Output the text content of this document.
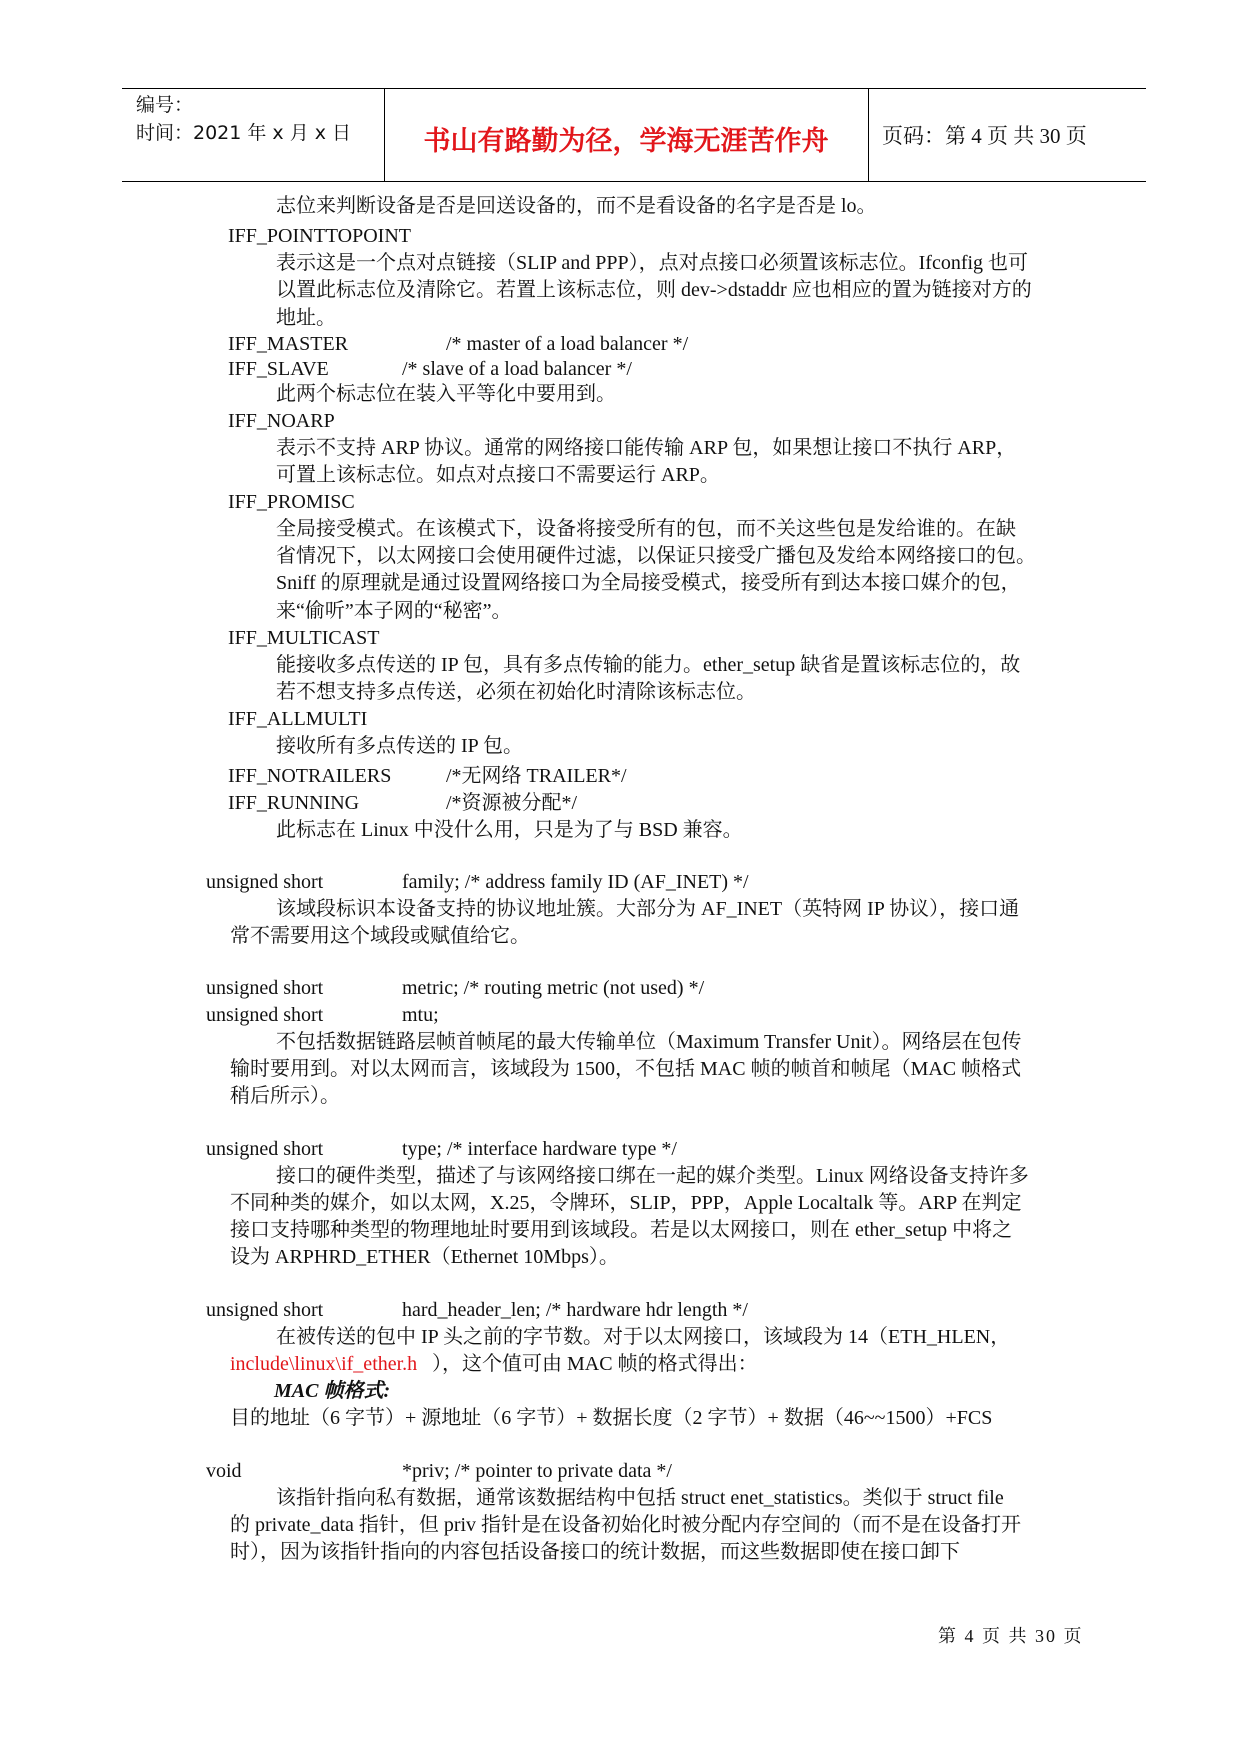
编号：
时间：2021 年 x 月 x 日	书山有路勤为径，学海无涯苦作舟	页码：第 4 页 共 30 页
志位来判断设备是否是回送设备的，而不是看设备的名字是否是 lo。
IFF_POINTTOPOINT
表示这是一个点对点链接（SLIP and PPP），点对点接口必须置该标志位。Ifconfig 也可
以置此标志位及清除它。若置上该标志位，则 dev->dstaddr 应也相应的置为链接对方的
地址。
IFF_MASTER	/* master of a load balancer */
IFF_SLAVE	/* slave of a load balancer */
此两个标志位在装入平等化中要用到。
IFF_NOARP
表示不支持 ARP 协议。通常的网络接口能传输 ARP 包，如果想让接口不执行 ARP，
可置上该标志位。如点对点接口不需要运行 ARP。
IFF_PROMISC
全局接受模式。在该模式下，设备将接受所有的包，而不关这些包是发给谁的。在缺
省情况下，以太网接口会使用硬件过滤，以保证只接受广播包及发给本网络接口的包。
Sniff 的原理就是通过设置网络接口为全局接受模式，接受所有到达本接口媒介的包，
来“偷听”本子网的“秘密”。
IFF_MULTICAST
能接收多点传送的 IP 包，具有多点传输的能力。ether_setup 缺省是置该标志位的，故
若不想支持多点传送，必须在初始化时清除该标志位。
IFF_ALLMULTI
接收所有多点传送的 IP 包。
IFF_NOTRAILERS	/*无网络 TRAILER*/
IFF_RUNNING	/*资源被分配*/
此标志在 Linux 中没什么用，只是为了与 BSD 兼容。
unsigned short	family; /* address family ID (AF_INET) */
该域段标识本设备支持的协议地址簇。大部分为 AF_INET（英特网 IP 协议），接口通
常不需要用这个域段或赋值给它。
unsigned short	metric; /* routing metric (not used) */
unsigned short	mtu;
不包括数据链路层帧首帧尾的最大传输单位（Maximum Transfer Unit）。网络层在包传
输时要用到。对以太网而言，该域段为 1500，不包括 MAC 帧的帧首和帧尾（MAC 帧格式
稍后所示）。
unsigned short	type; /* interface hardware type */
接口的硬件类型，描述了与该网络接口绑在一起的媒介类型。Linux 网络设备支持许多
不同种类的媒介，如以太网，X.25，令牌环，SLIP，PPP，Apple Localtalk 等。ARP 在判定
接口支持哪种类型的物理地址时要用到该域段。若是以太网接口，则在 ether_setup 中将之
设为 ARPHRD_ETHER（Ethernet 10Mbps）。
unsigned short	hard_header_len; /* hardware hdr length */
在被传送的包中 IP 头之前的字节数。对于以太网接口，该域段为 14（ETH_HLEN，
include\linux\if_ether.h ），这个值可由 MAC 帧的格式得出：
MAC 帧格式:
目的地址（6 字节）+ 源地址（6 字节）+ 数据长度（2 字节）+ 数据（46~~1500）+FCS
void	*priv; /* pointer to private data */
该指针指向私有数据，通常该数据结构中包括 struct enet_statistics。类似于 struct file
的 private_data 指针，但 priv 指针是在设备初始化时被分配内存空间的（而不是在设备打开
时），因为该指针指向的内容包括设备接口的统计数据，而这些数据即使在接口卸下
第 4 页 共 30 页
